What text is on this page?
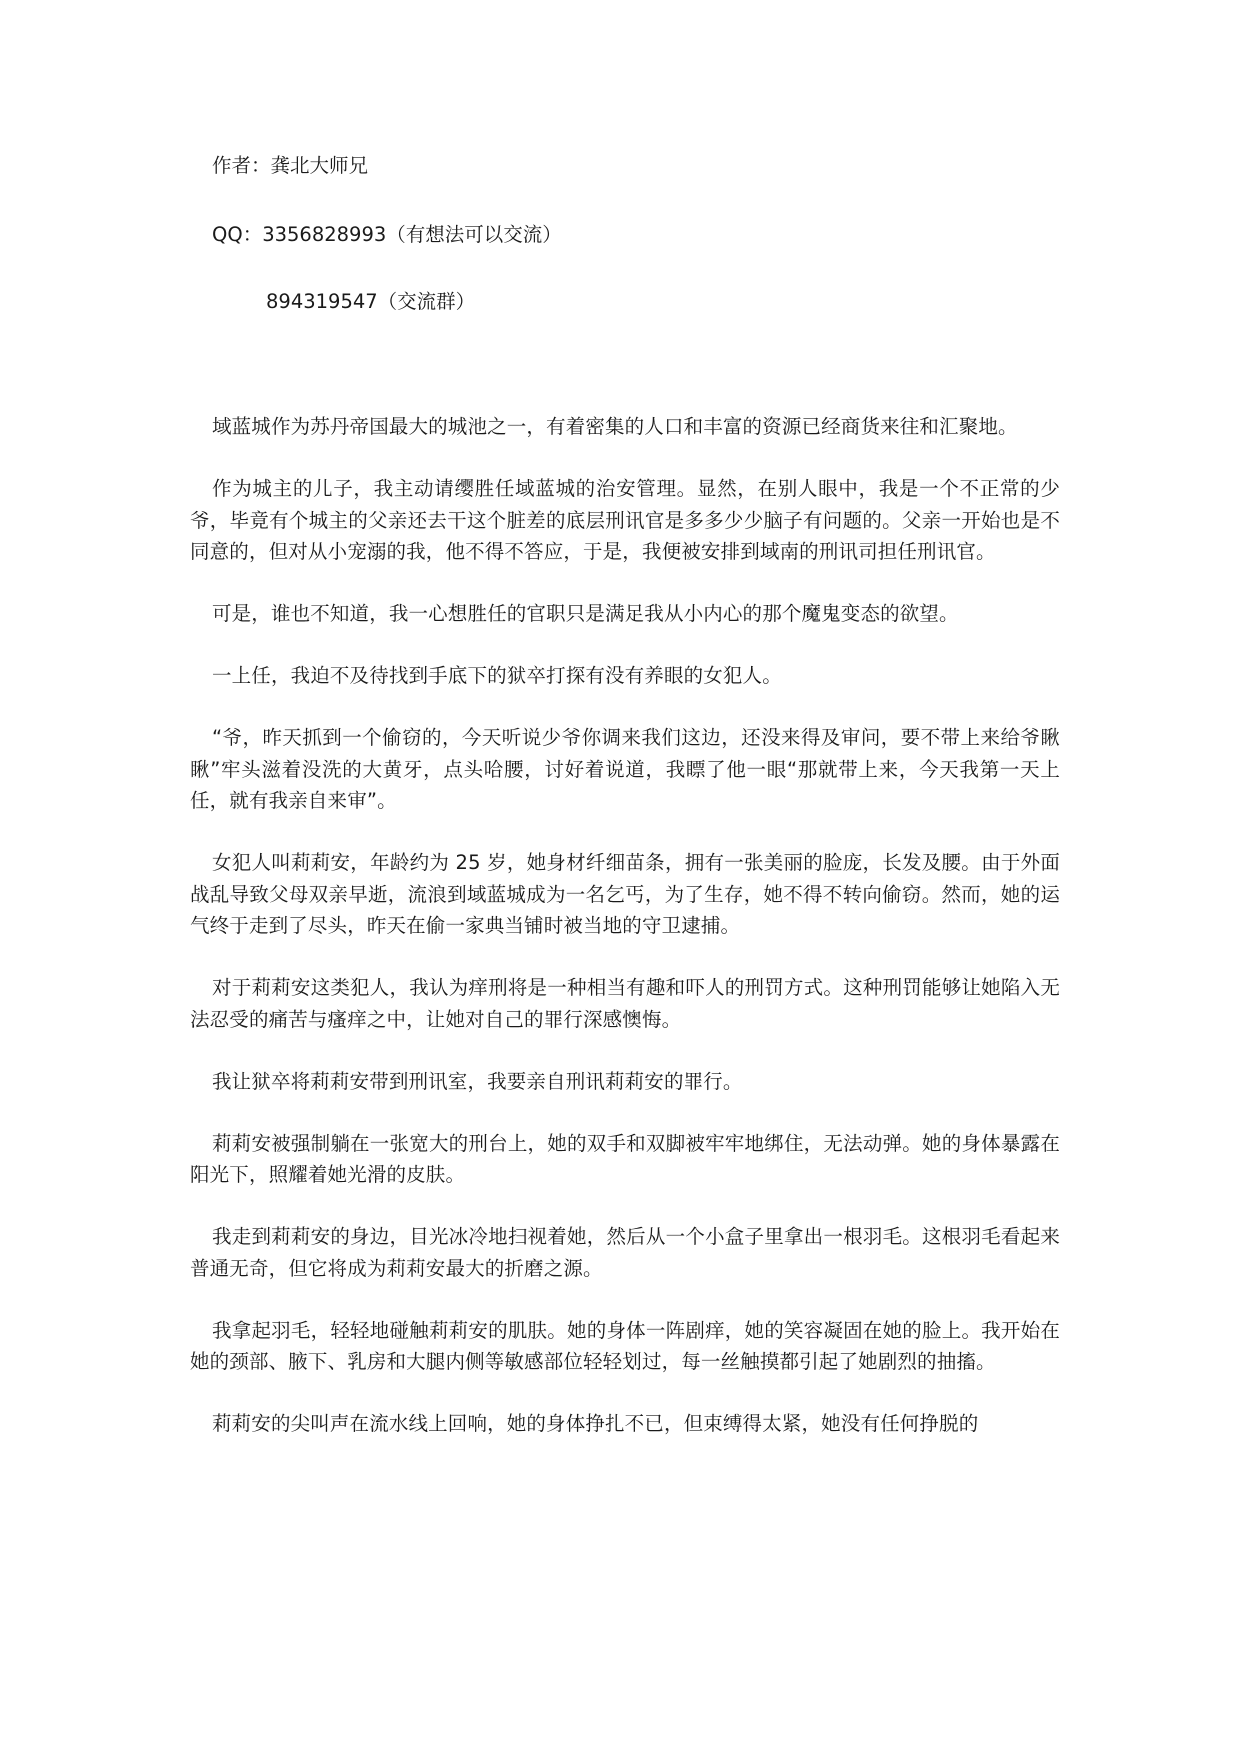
作者：龚北大师兄
QQ：3356828993（有想法可以交流）
894319547（交流群）

域蓝城作为苏丹帝国最大的城池之一，有着密集的人口和丰富的资源已经商货来往和汇聚地。

作为城主的儿子，我主动请缨胜任域蓝城的治安管理。显然，在别人眼中，我是一个不正常的少爷，毕竟有个城主的父亲还去干这个脏差的底层刑讯官是多多少少脑子有问题的。父亲一开始也是不同意的，但对从小宠溺的我，他不得不答应，于是，我便被安排到域南的刑讯司担任刑讯官。

可是，谁也不知道，我一心想胜任的官职只是满足我从小内心的那个魔鬼变态的欲望。

一上任，我迫不及待找到手底下的狱卒打探有没有养眼的女犯人。

“爷，昨天抓到一个偷窃的，今天听说少爷你调来我们这边，还没来得及审问，要不带上来给爷瞅瞅”牢头滋着没洗的大黄牙，点头哈腰，讨好着说道，我瞟了他一眼“那就带上来，今天我第一天上任，就有我亲自来审”。

女犯人叫莉莉安，年龄约为 25 岁，她身材纤细苗条，拥有一张美丽的脸庞，长发及腰。由于外面战乱导致父母双亲早逝，流浪到域蓝城成为一名乞丐，为了生存，她不得不转向偷窃。然而，她的运气终于走到了尽头，昨天在偷一家典当铺时被当地的守卫逮捕。

对于莉莉安这类犯人，我认为痒刑将是一种相当有趣和吓人的刑罚方式。这种刑罚能够让她陷入无法忍受的痛苦与瘙痒之中，让她对自己的罪行深感懊悔。

我让狱卒将莉莉安带到刑讯室，我要亲自刑讯莉莉安的罪行。

莉莉安被强制躺在一张宽大的刑台上，她的双手和双脚被牢牢地绑住，无法动弹。她的身体暴露在阳光下，照耀着她光滑的皮肤。

我走到莉莉安的身边，目光冰冷地扫视着她，然后从一个小盒子里拿出一根羽毛。这根羽毛看起来普通无奇，但它将成为莉莉安最大的折磨之源。

我拿起羽毛，轻轻地碰触莉莉安的肌肤。她的身体一阵剧痒，她的笑容凝固在她的脸上。我开始在她的颈部、腋下、乳房和大腿内侧等敏感部位轻轻划过，每一丝触摸都引起了她剧烈的抽搐。

莉莉安的尖叫声在流水线上回响，她的身体挣扎不已，但束缚得太紧，她没有任何挣脱的
